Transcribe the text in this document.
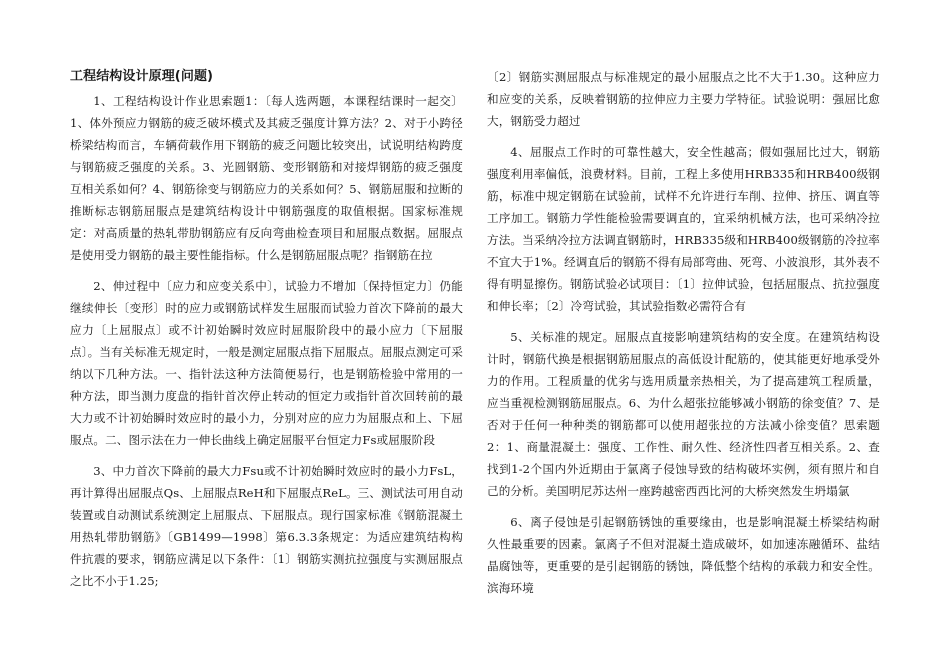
工程结构设计原理(问题)

1、工程结构设计作业思索题1：〔每人选两题，本课程结课时一起交〕1、体外预应力钢筋的疲乏破坏模式及其疲乏强度计算方法？2、对于小跨径桥梁结构而言，车辆荷载作用下钢筋的疲乏问题比较突出，试说明结构跨度与钢筋疲乏强度的关系。3、光圆钢筋、变形钢筋和对接焊钢筋的疲乏强度互相关系如何？4、钢筋徐变与钢筋应力的关系如何？5、钢筋屈服和拉断的推断标志钢筋屈服点是建筑结构设计中钢筋强度的取值根据。国家标准规定：对高质量的热轧带肋钢筋应有反向弯曲检查项目和屈服点数据。屈服点是使用受力钢筋的最主要性能指标。什么是钢筋屈服点呢？指钢筋在拉

2、伸过程中〔应力和应变关系中〕，试验力不增加〔保持恒定力〕仍能继续伸长〔变形〕时的应力或钢筋试样发生屈服而试验力首次下降前的最大应力〔上屈服点〕或不计初始瞬时效应时屈服阶段中的最小应力〔下屈服点〕。当有关标准无规定时，一般是测定屈服点指下屈服点。屈服点测定可采纳以下几种方法。一、指针法这种方法简便易行，也是钢筋检验中常用的一种方法，即当测力度盘的指针首次停止转动的恒定力或指针首次回转前的最大力或不计初始瞬时效应时的最小力，分别对应的应力为屈服点和上、下屈服点。二、图示法在力一伸长曲线上确定屈服平台恒定力Fs或屈服阶段

3、中力首次下降前的最大力Fsu或不计初始瞬时效应时的最小力FsL，再计算得出屈服点Qs、上屈服点ReH和下屈服点ReL。三、测试法可用自动装置或自动测试系统测定上屈服点、下屈服点。现行国家标准《钢筋混凝土用热轧带肋钢筋》〔GB1499—1998〕第6.3.3条规定：为适应建筑结构构件抗震的要求，钢筋应满足以下条件：〔1〕钢筋实测抗拉强度与实测屈服点之比不小于1.25;

〔2〕钢筋实测屈服点与标准规定的最小屈服点之比不大于1.30。这种应力和应变的关系，反映着钢筋的拉伸应力主要力学特征。试验说明：强屈比愈大，钢筋受力超过

4、屈服点工作时的可靠性越大，安全性越高；假如强屈比过大，钢筋强度利用率偏低，浪费材料。目前，工程上多使用HRB335和HRB400级钢筋，标准中规定钢筋在试验前，试样不允许进行车削、拉伸、挤压、调直等工序加工。钢筋力学性能检验需要调直的，宜采纳机械方法，也可采纳冷拉方法。当采纳冷拉方法调直钢筋时，HRB335级和HRB400级钢筋的冷拉率不宜大于1%。经调直后的钢筋不得有局部弯曲、死弯、小波浪形，其外表不得有明显擦伤。钢筋试验必试项目：〔1〕拉伸试验，包括屈服点、抗拉强度和伸长率；〔2〕冷弯试验，其试验指数必需符合有

5、关标准的规定。屈服点直接影响建筑结构的安全度。在建筑结构设计时，钢筋代换是根据钢筋屈服点的高低设计配筋的，使其能更好地承受外力的作用。工程质量的优劣与选用质量亲热相关，为了提高建筑工程质量，应当重视检测钢筋屈服点。6、为什么超张拉能够减小钢筋的徐变值？7、是否对于任何一种种类的钢筋都可以使用超张拉的方法减小徐变值？思索题2：1、商量混凝土：强度、工作性、耐久性、经济性四者互相关系。2、查找到1-2个国内外近期由于氯离子侵蚀导致的结构破坏实例，须有照片和自己的分析。美国明尼苏达州一座跨越密西西比河的大桥突然发生坍塌氯

6、离子侵蚀是引起钢筋锈蚀的重要缘由，也是影响混凝土桥梁结构耐久性最重要的因素。氯离子不但对混凝土造成破坏，如加速冻融循环、盐结晶腐蚀等，更重要的是引起钢筋的锈蚀，降低整个结构的承载力和安全性。滨海环境
